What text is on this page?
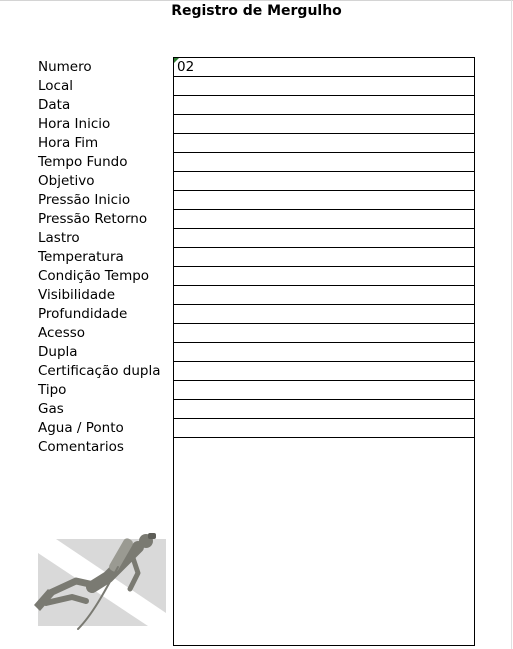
Registro de Mergulho
Numero
Local
Data
Hora Inicio
Hora Fim
Tempo Fundo
Objetivo
Pressão Inicio
Pressão Retorno
Lastro
Temperatura
Condição Tempo
Visibilidade
Profundidade
Acesso
Dupla
Certificação dupla
Tipo
Gas
Agua / Ponto
Comentarios
02
